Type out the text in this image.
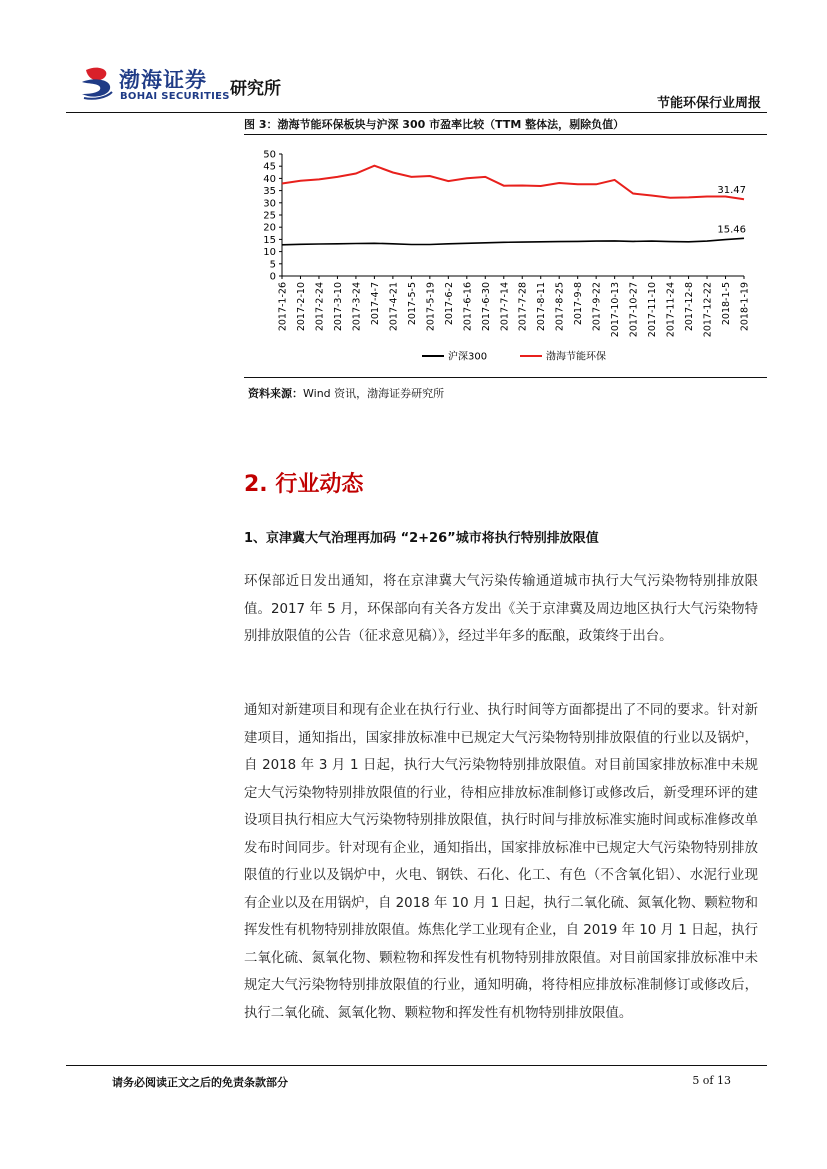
渤海证券
BOHAI SECURITIES 研究所
节能环保行业周报
图 3：渤海节能环保板块与沪深 300 市盈率比较（TTM 整体法，剔除负值）
0
5
10
15
20
25
30
35
40
45
50
2017-1-26 2017-2-10 2017-2-24 2017-3-10 2017-3-24 2017-4-7 2017-4-21 2017-5-5 2017-5-19 2017-6-2 2017-6-16 2017-6-30 2017-7-14 2017-7-28 2017-8-11 2017-8-25 2017-9-8 2017-9-22 2017-10-13 2017-10-27 2017-11-10 2017-11-24 2017-12-8 2017-12-22 2018-1-5 2018-1-19
15.46
31.47
沪深300	渤海节能环保
资料来源：Wind 资讯，渤海证券研究所
2. 行业动态
1、京津冀大气治理再加码 “2+26”城市将执行特别排放限值
环保部近日发出通知，将在京津冀大气污染传输通道城市执行大气污染物特别排放限值。2017 年 5 月，环保部向有关各方发出《关于京津冀及周边地区执行大气污染物特别排放限值的公告（征求意见稿）》，经过半年多的酝酿，政策终于出台。
通知对新建项目和现有企业在执行行业、执行时间等方面都提出了不同的要求。针对新建项目，通知指出，国家排放标准中已规定大气污染物特别排放限值的行业以及锅炉，自 2018 年 3 月 1 日起，执行大气污染物特别排放限值。对目前国家排放标准中未规定大气污染物特别排放限值的行业，待相应排放标准制修订或修改后，新受理环评的建设项目执行相应大气污染物特别排放限值，执行时间与排放标准实施时间或标准修改单发布时间同步。针对现有企业，通知指出，国家排放标准中已规定大气污染物特别排放限值的行业以及锅炉中，火电、钢铁、石化、化工、有色（不含氧化铝）、水泥行业现有企业以及在用锅炉，自 2018 年 10 月 1 日起，执行二氧化硫、氮氧化物、颗粒物和挥发性有机物特别排放限值。炼焦化学工业现有企业，自 2019 年 10 月 1 日起，执行二氧化硫、氮氧化物、颗粒物和挥发性有机物特别排放限值。对目前国家排放标准中未规定大气污染物特别排放限值的行业，通知明确，将待相应排放标准制修订或修改后，执行二氧化硫、氮氧化物、颗粒物和挥发性有机物特别排放限值。
请务必阅读正文之后的免责条款部分	5 of 13
